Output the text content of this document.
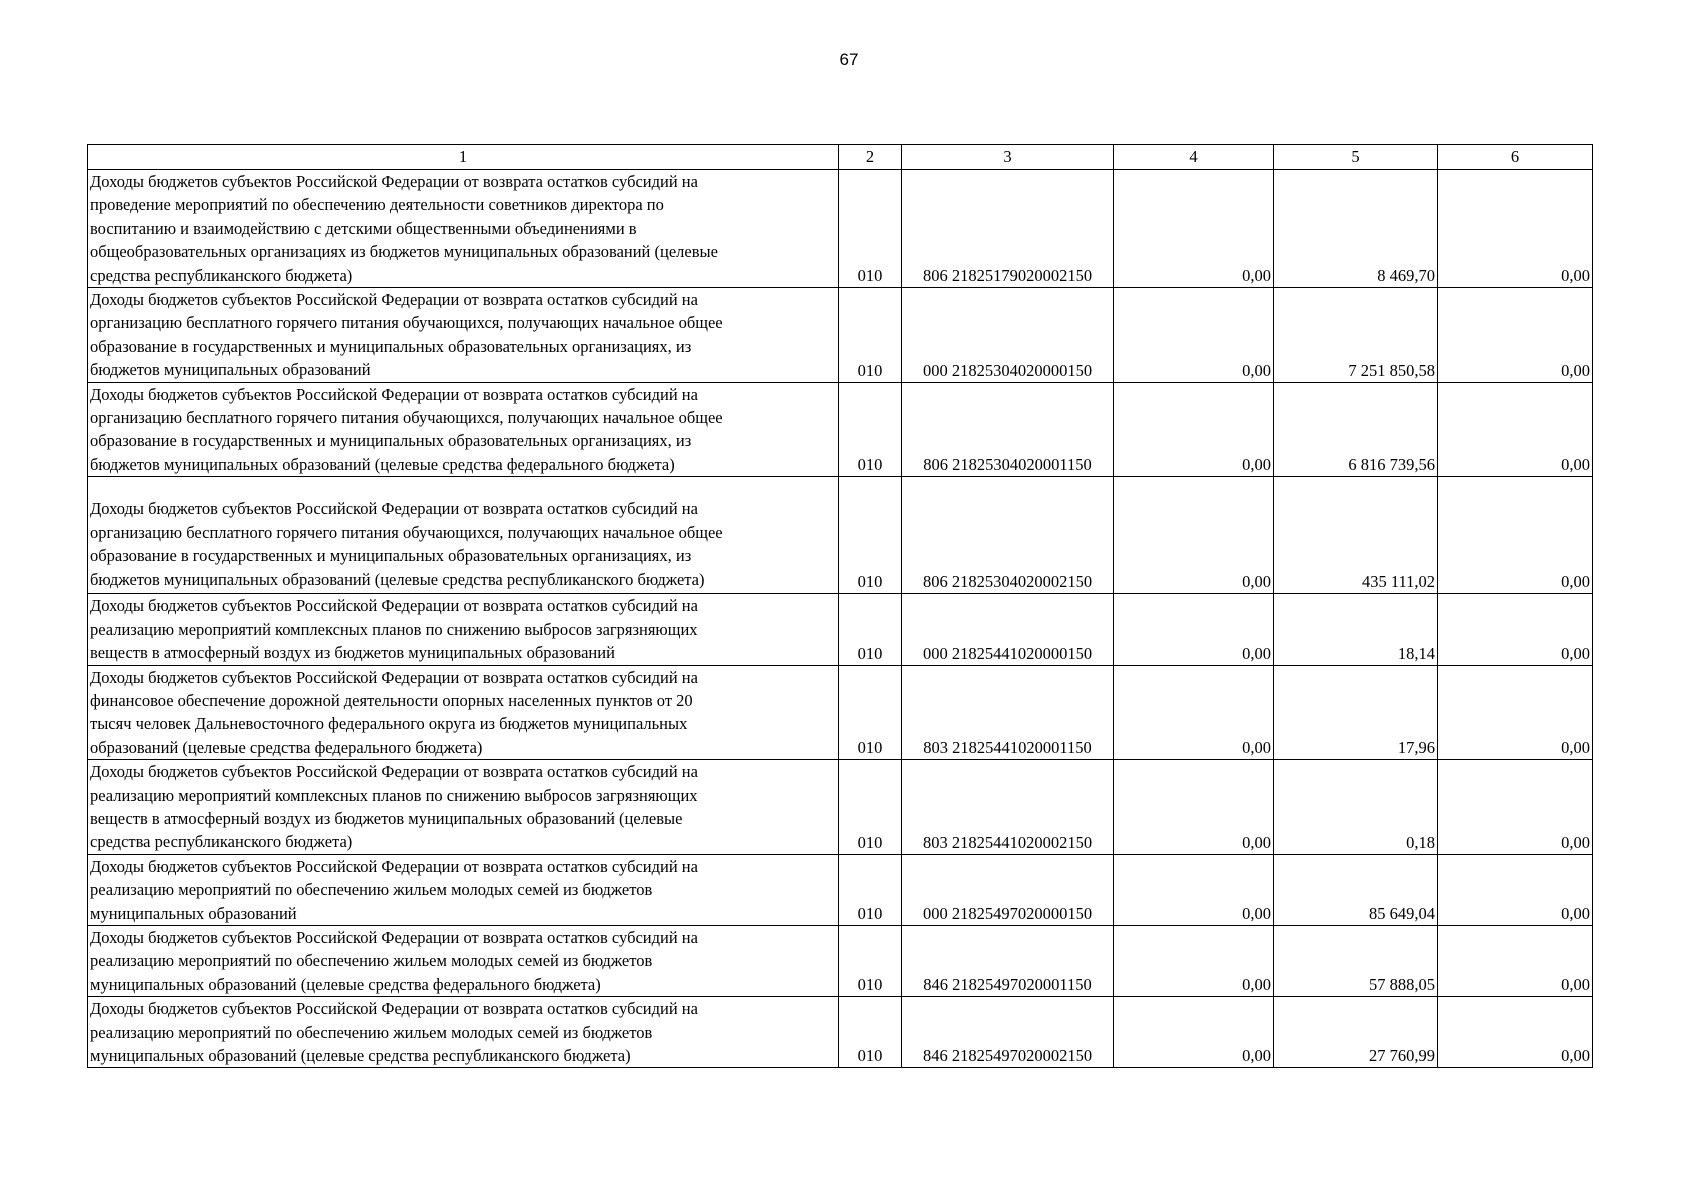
67
1	2	3	4	5	6
Доходы бюджетов субъектов Российской Федерации от возврата остатков субсидий на
проведение мероприятий по обеспечению деятельности советников директора по
воспитанию и взаимодействию с детскими общественными объединениями в
общеобразовательных организациях из бюджетов муниципальных образований (целевые
средства республиканского бюджета)	010	806 21825179020002150	0,00	8 469,70	0,00
Доходы бюджетов субъектов Российской Федерации от возврата остатков субсидий на
организацию бесплатного горячего питания обучающихся, получающих начальное общее
образование в государственных и муниципальных образовательных организациях, из
бюджетов муниципальных образований	010	000 21825304020000150	0,00	7 251 850,58	0,00
Доходы бюджетов субъектов Российской Федерации от возврата остатков субсидий на
организацию бесплатного горячего питания обучающихся, получающих начальное общее
образование в государственных и муниципальных образовательных организациях, из
бюджетов муниципальных образований (целевые средства федерального бюджета)	010	806 21825304020001150	0,00	6 816 739,56	0,00
Доходы бюджетов субъектов Российской Федерации от возврата остатков субсидий на
организацию бесплатного горячего питания обучающихся, получающих начальное общее
образование в государственных и муниципальных образовательных организациях, из
бюджетов муниципальных образований (целевые средства республиканского бюджета)	010	806 21825304020002150	0,00	435 111,02	0,00
Доходы бюджетов субъектов Российской Федерации от возврата остатков субсидий на
реализацию мероприятий комплексных планов по снижению выбросов загрязняющих
веществ в атмосферный воздух из бюджетов муниципальных образований	010	000 21825441020000150	0,00	18,14	0,00
Доходы бюджетов субъектов Российской Федерации от возврата остатков субсидий на
финансовое обеспечение дорожной деятельности опорных населенных пунктов от 20
тысяч человек Дальневосточного федерального округа из бюджетов муниципальных
образований (целевые средства федерального бюджета)	010	803 21825441020001150	0,00	17,96	0,00
Доходы бюджетов субъектов Российской Федерации от возврата остатков субсидий на
реализацию мероприятий комплексных планов по снижению выбросов загрязняющих
веществ в атмосферный воздух из бюджетов муниципальных образований (целевые
средства республиканского бюджета)	010	803 21825441020002150	0,00	0,18	0,00
Доходы бюджетов субъектов Российской Федерации от возврата остатков субсидий на
реализацию мероприятий по обеспечению жильем молодых семей из бюджетов
муниципальных образований	010	000 21825497020000150	0,00	85 649,04	0,00
Доходы бюджетов субъектов Российской Федерации от возврата остатков субсидий на
реализацию мероприятий по обеспечению жильем молодых семей из бюджетов
муниципальных образований (целевые средства федерального бюджета)	010	846 21825497020001150	0,00	57 888,05	0,00
Доходы бюджетов субъектов Российской Федерации от возврата остатков субсидий на
реализацию мероприятий по обеспечению жильем молодых семей из бюджетов
муниципальных образований (целевые средства республиканского бюджета)	010	846 21825497020002150	0,00	27 760,99	0,00
